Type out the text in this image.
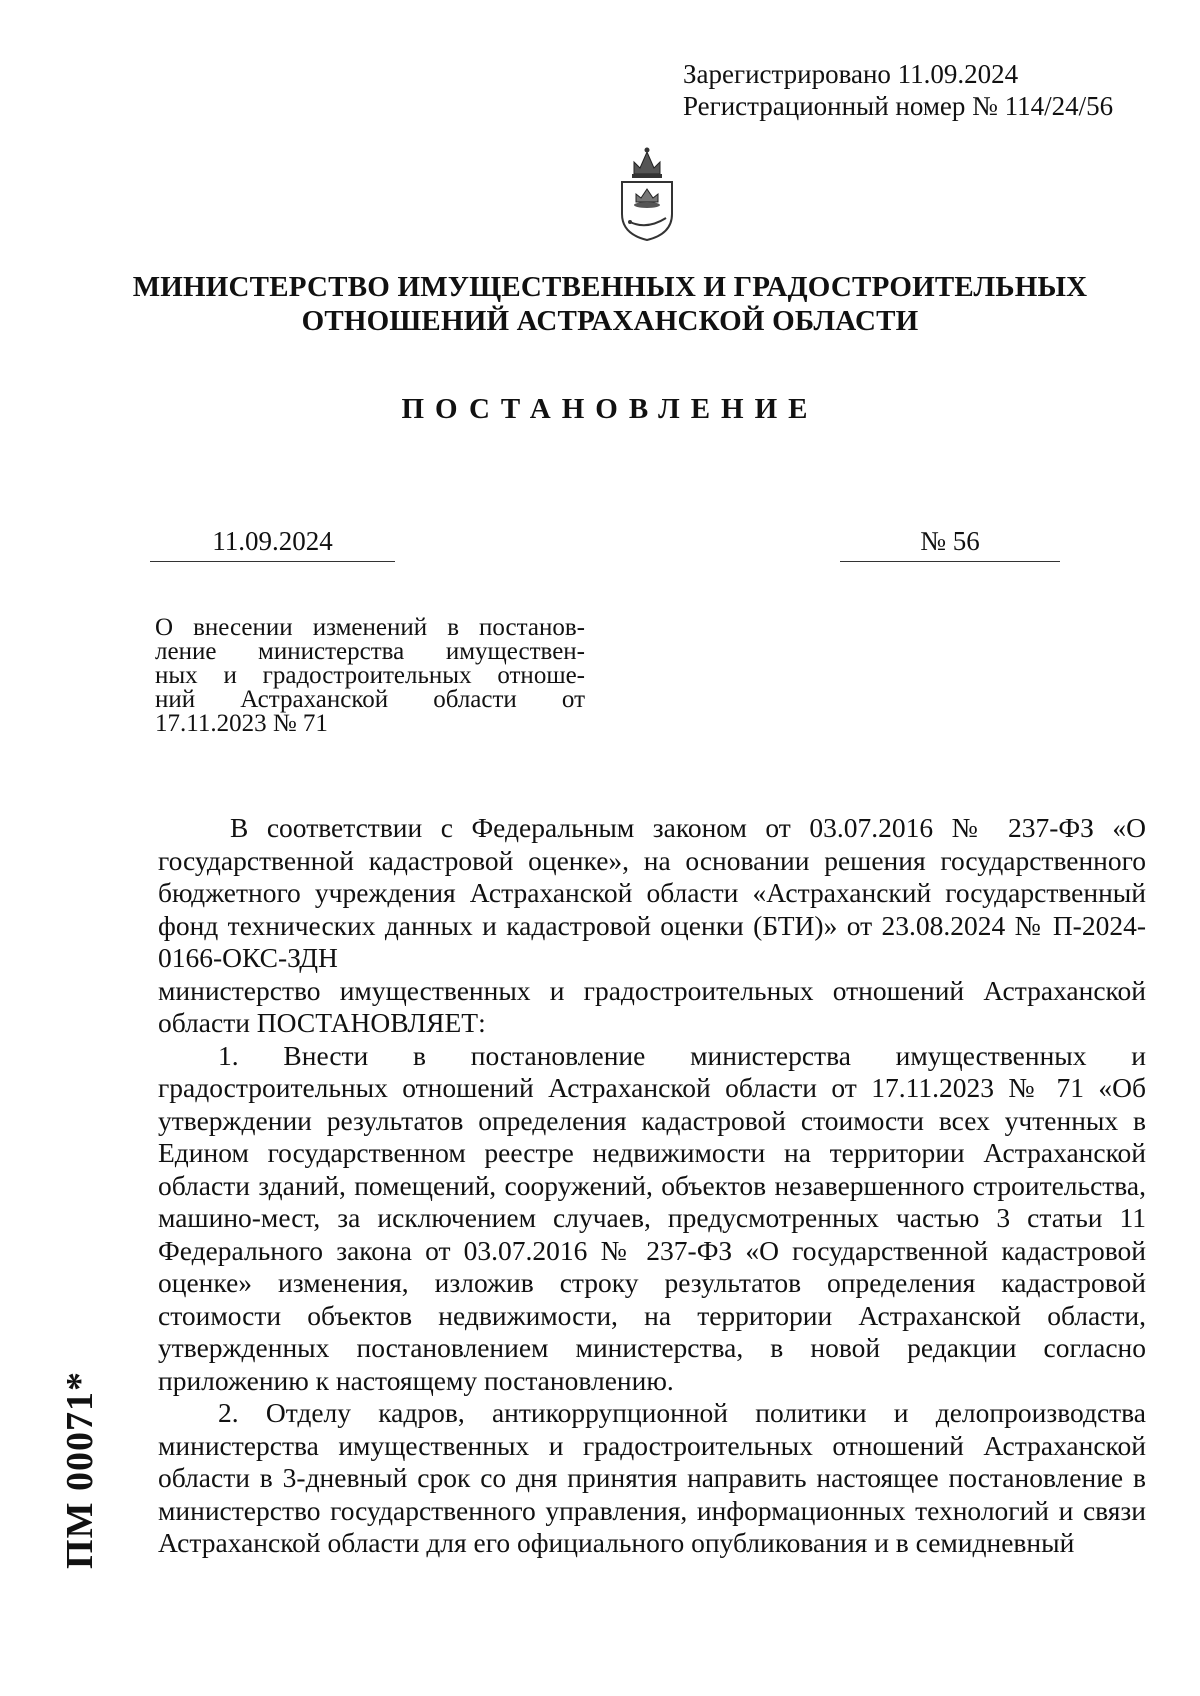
Зарегистрировано 11.09.2024
Регистрационный номер № 114/24/56
МИНИСТЕРСТВО ИМУЩЕСТВЕННЫХ И ГРАДОСТРОИТЕЛЬНЫХ
ОТНОШЕНИЙ АСТРАХАНСКОЙ ОБЛАСТИ
ПОСТАНОВЛЕНИЕ
11.09.2024	№ 56
О внесении изменений в постанов-
ление министерства имуществен-
ных и градостроительных отноше-
ний Астраханской области от
17.11.2023 № 71

В соответствии с Федеральным законом от 03.07.2016 № 237-ФЗ «О государственной кадастровой оценке», на основании решения государственного бюджетного учреждения Астраханской области «Астраханский государственный фонд технических данных и кадастровой оценки (БТИ)» от 23.08.2024 № П-2024-0166-ОКС-ЗДН

министерство имущественных и градостроительных отношений Астраханской области ПОСТАНОВЛЯЕТ:

1. Внести в постановление министерства имущественных и градостроительных отношений Астраханской области от 17.11.2023 № 71 «Об утверждении результатов определения кадастровой стоимости всех учтенных в Едином государственном реестре недвижимости на территории Астраханской области зданий, помещений, сооружений, объектов незавершенного строительства, машино-мест, за исключением случаев, предусмотренных частью 3 статьи 11 Федерального закона от 03.07.2016 № 237-ФЗ «О государственной кадастровой оценке» изменения, изложив строку результатов определения кадастровой стоимости объектов недвижимости, на территории Астраханской области, утвержденных постановлением министерства, в новой редакции согласно приложению к настоящему постановлению.

2. Отделу кадров, антикоррупционной политики и делопроизводства министерства имущественных и градостроительных отношений Астраханской области в 3-дневный срок со дня принятия направить настоящее постановление в министерство государственного управления, информационных технологий и связи Астраханской области для его официального опубликования и в семидневный

ПМ 00071*
